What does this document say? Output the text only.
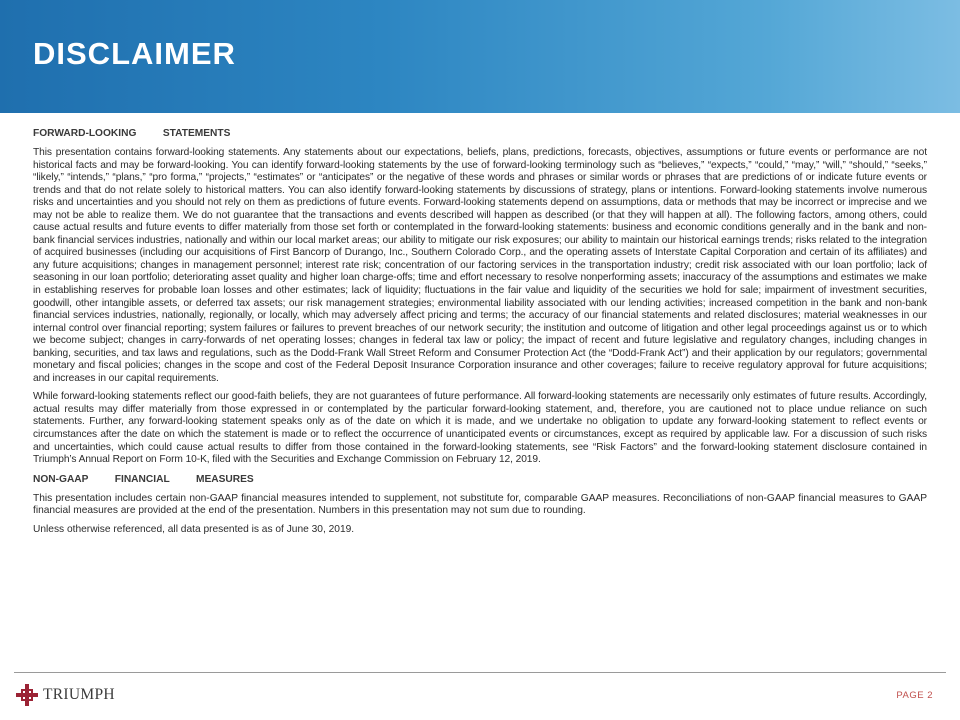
DISCLAIMER
FORWARD-LOOKING   STATEMENTS

This presentation contains forward-looking statements. Any statements about our expectations, beliefs, plans, predictions, forecasts, objectives, assumptions or future events or performance are not historical facts and may be forward-looking. You can identify forward-looking statements by the use of forward-looking terminology such as “believes,” “expects,” “could,” “may,” “will,” “should,” “seeks,” “likely,” “intends,” “plans,” “pro forma,” “projects,” “estimates” or “anticipates” or the negative of these words and phrases or similar words or phrases that are predictions of or indicate future events or trends and that do not relate solely to historical matters. You can also identify forward-looking statements by discussions of strategy, plans or intentions. Forward-looking statements involve numerous risks and uncertainties and you should not rely on them as predictions of future events. Forward-looking statements depend on assumptions, data or methods that may be incorrect or imprecise and we may not be able to realize them. We do not guarantee that the transactions and events described will happen as described (or that they will happen at all). The following factors, among others, could cause actual results and future events to differ materially from those set forth or contemplated in the forward-looking statements: business and economic conditions generally and in the bank and non-bank financial services industries, nationally and within our local market areas; our ability to mitigate our risk exposures; our ability to maintain our historical earnings trends; risks related to the integration of acquired businesses (including our acquisitions of First Bancorp of Durango, Inc., Southern Colorado Corp., and the operating assets of Interstate Capital Corporation and certain of its affiliates) and any future acquisitions; changes in management personnel; interest rate risk; concentration of our factoring services in the transportation industry; credit risk associated with our loan portfolio; lack of seasoning in our loan portfolio; deteriorating asset quality and higher loan charge-offs; time and effort necessary to resolve nonperforming assets; inaccuracy of the assumptions and estimates we make in establishing reserves for probable loan losses and other estimates; lack of liquidity; fluctuations in the fair value and liquidity of the securities we hold for sale; impairment of investment securities, goodwill, other intangible assets, or deferred tax assets; our risk management strategies; environmental liability associated with our lending activities; increased competition in the bank and non-bank financial services industries, nationally, regionally, or locally, which may adversely affect pricing and terms; the accuracy of our financial statements and related disclosures; material weaknesses in our internal control over financial reporting; system failures or failures to prevent breaches of our network security; the institution and outcome of litigation and other legal proceedings against us or to which we become subject; changes in carry-forwards of net operating losses; changes in federal tax law or policy; the impact of recent and future legislative and regulatory changes, including changes in banking, securities, and tax laws and regulations, such as the Dodd-Frank Wall Street Reform and Consumer Protection Act (the “Dodd-Frank Act”) and their application by our regulators; governmental monetary and fiscal policies; changes in the scope and cost of the Federal Deposit Insurance Corporation insurance and other coverages; failure to receive regulatory approval for future acquisitions; and increases in our capital requirements.

While forward-looking statements reflect our good-faith beliefs, they are not guarantees of future performance. All forward-looking statements are necessarily only estimates of future results. Accordingly, actual results may differ materially from those expressed in or contemplated by the particular forward-looking statement, and, therefore, you are cautioned not to place undue reliance on such statements. Further, any forward-looking statement speaks only as of the date on which it is made, and we undertake no obligation to update any forward-looking statement to reflect events or circumstances after the date on which the statement is made or to reflect the occurrence of unanticipated events or circumstances, except as required by applicable law. For a discussion of such risks and uncertainties, which could cause actual results to differ from those contained in the forward-looking statements, see “Risk Factors” and the forward-looking statement disclosure contained in Triumph’s Annual Report on Form 10-K, filed with the Securities and Exchange Commission on February 12, 2019.

NON-GAAP   FINANCIAL   MEASURES

This presentation includes certain non-GAAP financial measures intended to supplement, not substitute for, comparable GAAP measures. Reconciliations of non-GAAP financial measures to GAAP financial measures are provided at the end of the presentation. Numbers in this presentation may not sum due to rounding.

Unless otherwise referenced, all data presented is as of June 30, 2019.

TRIUMPH	PAGE 2
